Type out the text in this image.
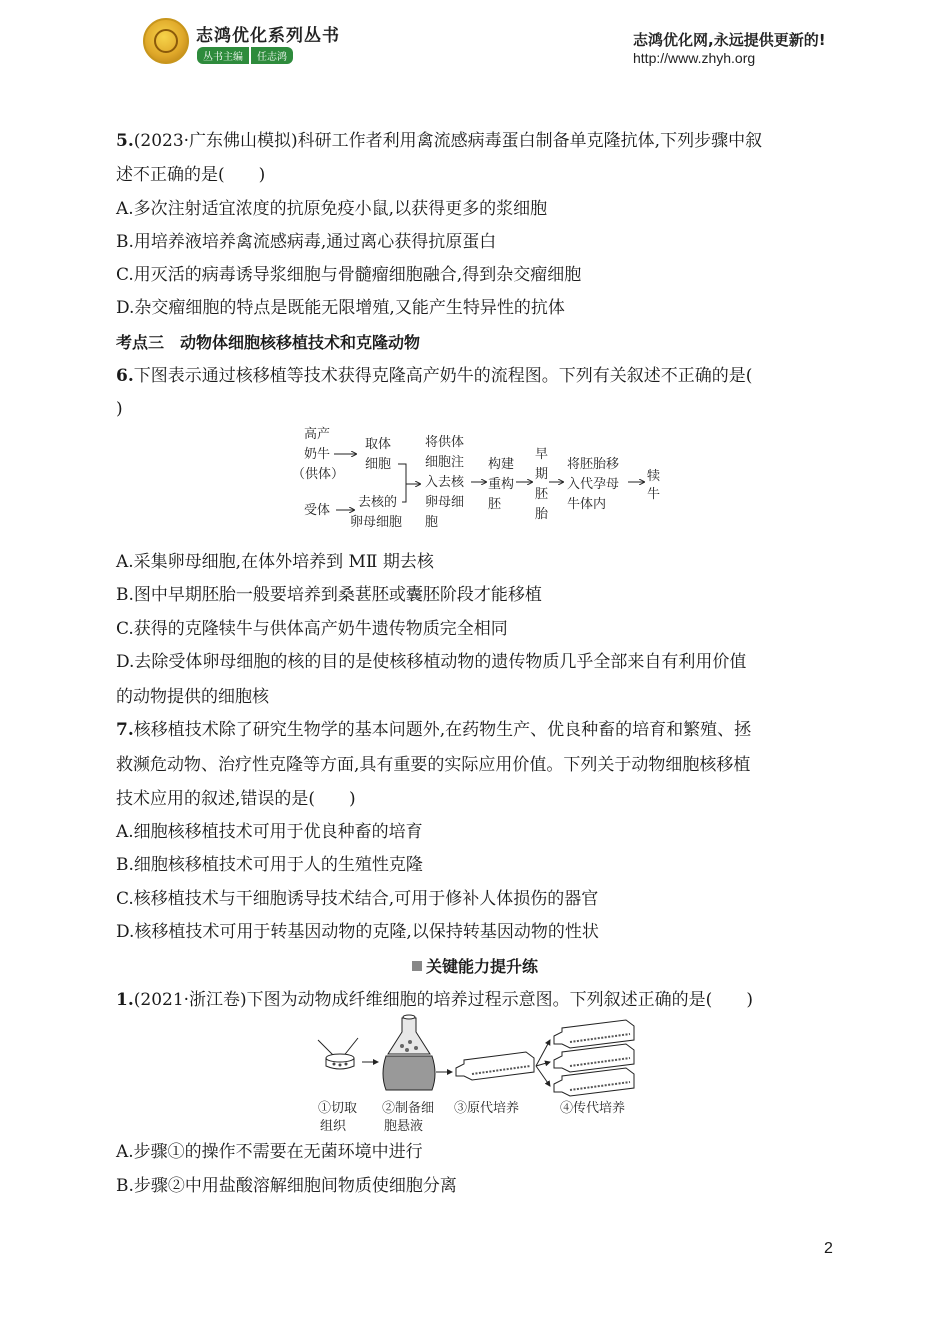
志鸿优化系列丛书
丛书主编 任志鸿
志鸿优化网,永远提供更新的!
http://www.zhyh.org
5.(2023·广东佛山模拟)科研工作者利用禽流感病毒蛋白制备单克隆抗体,下列步骤中叙
述不正确的是(　　)
A.多次注射适宜浓度的抗原免疫小鼠,以获得更多的浆细胞
B.用培养液培养禽流感病毒,通过离心获得抗原蛋白
C.用灭活的病毒诱导浆细胞与骨髓瘤细胞融合,得到杂交瘤细胞
D.杂交瘤细胞的特点是既能无限增殖,又能产生特异性的抗体
考点三　动物体细胞核移植技术和克隆动物
6.下图表示通过核移植等技术获得克隆高产奶牛的流程图。下列有关叙述不正确的是(
)
高产
奶牛
（供体）
取体
细胞
受体
去核的
卵母细胞
将供体
细胞注
入去核
卵母细
胞
构建
重构
胚
早
期
胚
胎
将胚胎移
入代孕母
牛体内
犊
牛
A.采集卵母细胞,在体外培养到 MⅡ 期去核
B.图中早期胚胎一般要培养到桑葚胚或囊胚阶段才能移植
C.获得的克隆犊牛与供体高产奶牛遗传物质完全相同
D.去除受体卵母细胞的核的目的是使核移植动物的遗传物质几乎全部来自有利用价值
的动物提供的细胞核
7.核移植技术除了研究生物学的基本问题外,在药物生产、优良种畜的培育和繁殖、拯
救濒危动物、治疗性克隆等方面,具有重要的实际应用价值。下列关于动物细胞核移植
技术应用的叙述,错误的是(　　)
A.细胞核移植技术可用于优良种畜的培育
B.细胞核移植技术可用于人的生殖性克隆
C.核移植技术与干细胞诱导技术结合,可用于修补人体损伤的器官
D.核移植技术可用于转基因动物的克隆,以保持转基因动物的性状
关键能力提升练
1.(2021·浙江卷)下图为动物成纤维细胞的培养过程示意图。下列叙述正确的是(　　)
①切取
组织
②制备细
胞悬液
③原代培养	④传代培养
A.步骤①的操作不需要在无菌环境中进行
B.步骤②中用盐酸溶解细胞间物质使细胞分离
2
